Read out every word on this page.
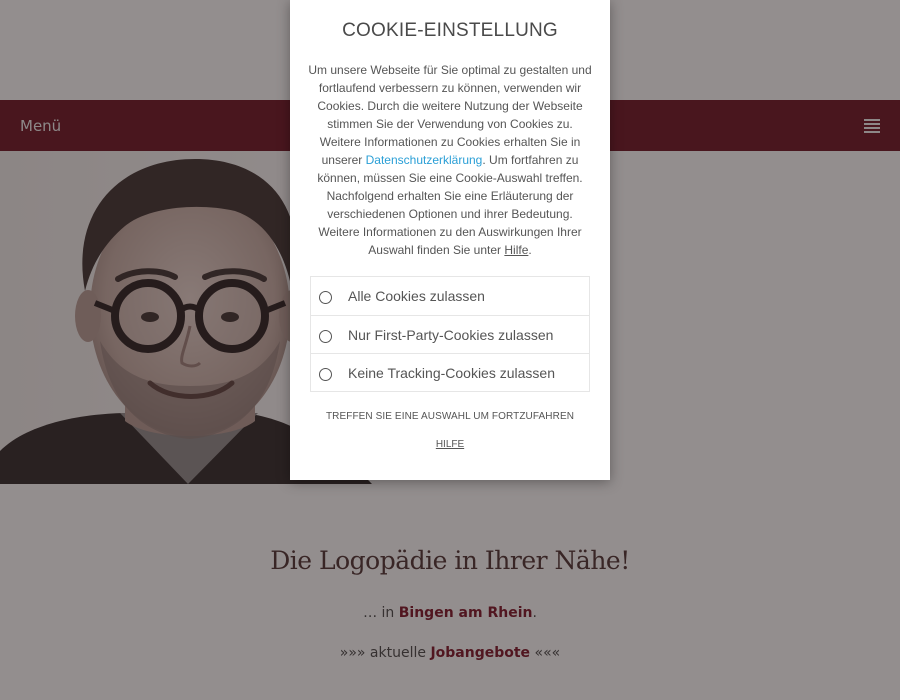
COOKIE-EINSTELLUNG

Um unsere Webseite für Sie optimal zu gestalten und fortlaufend verbessern zu können, verwenden wir Cookies. Durch die weitere Nutzung der Webseite stimmen Sie der Verwendung von Cookies zu. Weitere Informationen zu Cookies erhalten Sie in unserer Datenschutzerklärung. Um fortfahren zu können, müssen Sie eine Cookie-Auswahl treffen. Nachfolgend erhalten Sie eine Erläuterung der verschiedenen Optionen und ihrer Bedeutung. Weitere Informationen zu den Auswirkungen Ihrer Auswahl finden Sie unter Hilfe.

Alle Cookies zulassen
Nur First-Party-Cookies zulassen
Keine Tracking-Cookies zulassen
TREFFEN SIE EINE AUSWAHL UM FORTZUFAHREN
HILFE
